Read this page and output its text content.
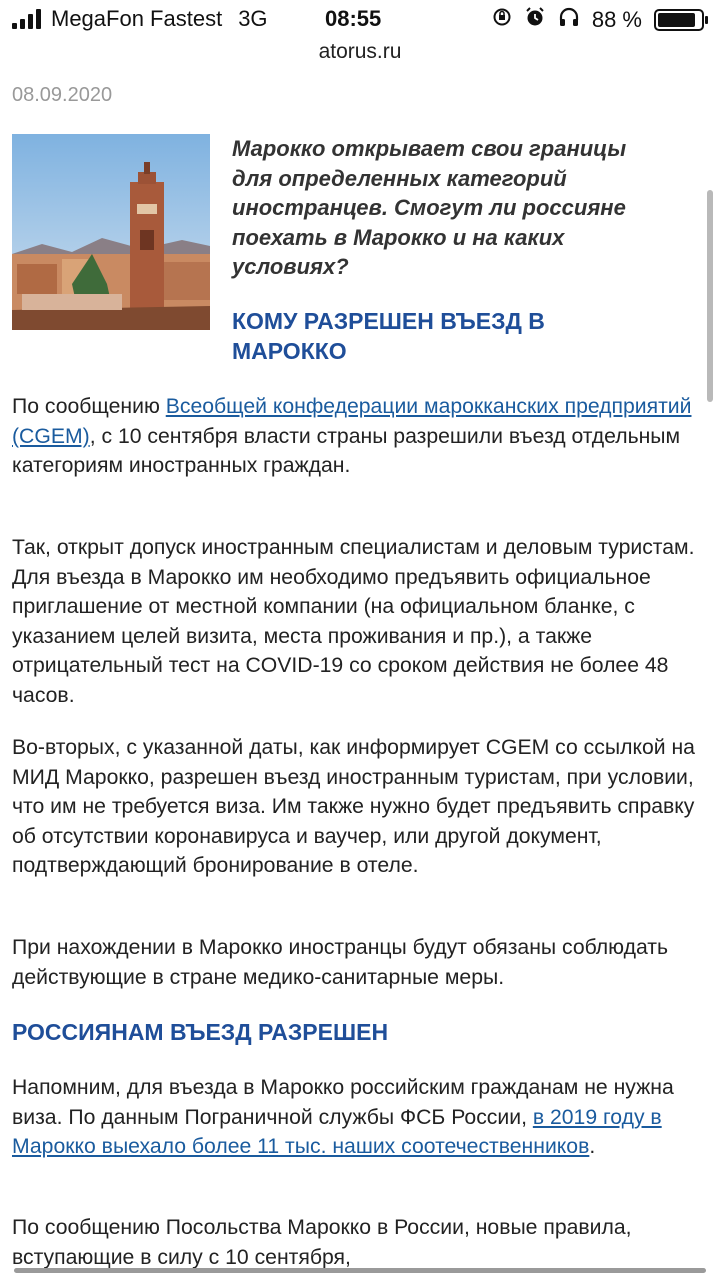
MegaFon Fastest 3G	08:55	88 %
atorus.ru
08.09.2020
Марокко открывает свои границы для определенных категорий иностранцев. Смогут ли россияне поехать в Марокко и на каких условиях?
КОМУ РАЗРЕШЕН ВЪЕЗД В МАРОККО
По сообщению Всеобщей конфедерации марокканских предприятий (CGEM), с 10 сентября власти страны разрешили въезд отдельным категориям иностранных граждан.
Так, открыт допуск иностранным специалистам и деловым туристам. Для въезда в Марокко им необходимо предъявить официальное приглашение от местной компании (на официальном бланке, с указанием целей визита, места проживания и пр.), а также отрицательный тест на COVID-19 со сроком действия не более 48 часов.
Во-вторых, с указанной даты, как информирует CGEM со ссылкой на МИД Марокко, разрешен въезд иностранным туристам, при условии, что им не требуется виза. Им также нужно будет предъявить справку об отсутствии коронавируса и ваучер, или другой документ, подтверждающий бронирование в отеле.
При нахождении в Марокко иностранцы будут обязаны соблюдать действующие в стране медико-санитарные меры.
РОССИЯНАМ ВЪЕЗД РАЗРЕШЕН
Напомним, для въезда в Марокко российским гражданам не нужна виза. По данным Пограничной службы ФСБ России, в 2019 году в Марокко выехало более 11 тыс. наших соотечественников.
По сообщению Посольства Марокко в России, новые правила, вступающие в силу с 10 сентября,
